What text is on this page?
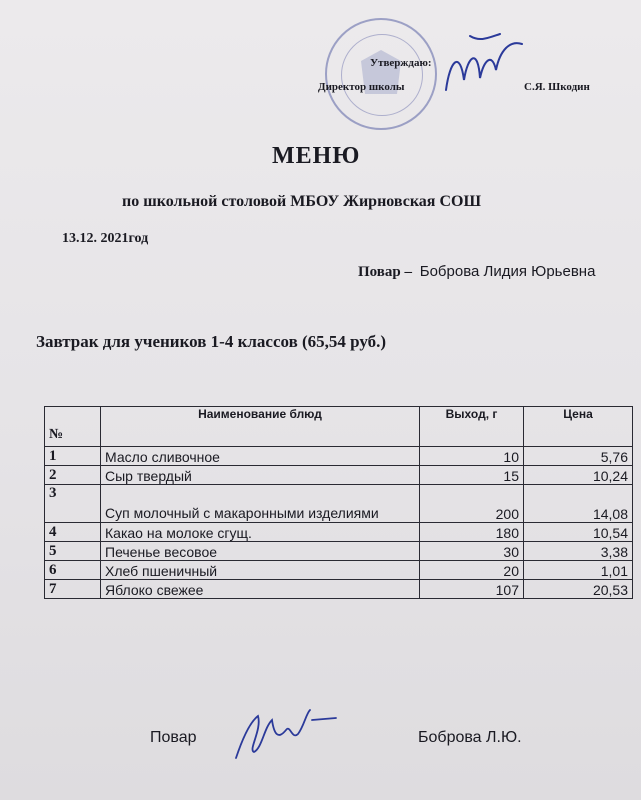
Утверждаю:
Директор школы	С.Я. Шкодин
МЕНЮ
по школьной столовой МБОУ Жирновская СОШ
13.12. 2021год
Повар – Боброва Лидия Юрьевна
Завтрак для учеников 1-4 классов (65,54 руб.)
№	Наименование блюд	Выход, г	Цена
1	Масло сливочное	10	5,76
2	Сыр твердый	15	10,24
3	Суп молочный с макаронными изделиями	200	14,08
4	Какао на молоке сгущ.	180	10,54
5	Печенье весовое	30	3,38
6	Хлеб пшеничный	20	1,01
7	Яблоко свежее	107	20,53
Повар	Боброва Л.Ю.
